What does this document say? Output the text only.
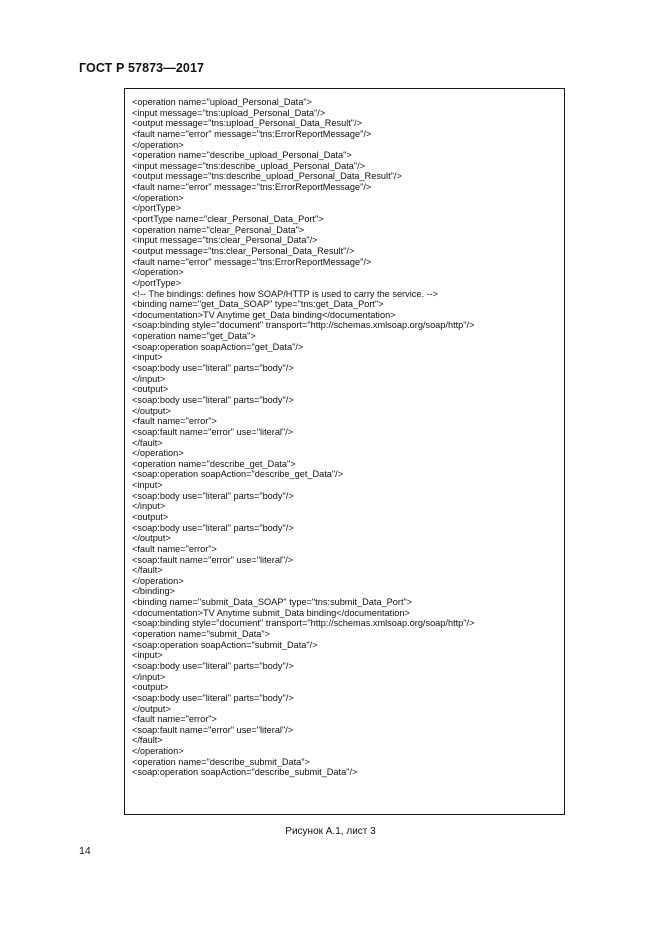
ГОСТ Р 57873—2017
<operation name="upload_Personal_Data">
<input message="tns:upload_Personal_Data"/>
<output message="tns:upload_Personal_Data_Result"/>
<fault name="error" message="tns:ErrorReportMessage"/>
</operation>
<operation name="describe_upload_Personal_Data">
<input message="tns:describe_upload_Personal_Data"/>
<output message="tns:describe_upload_Personal_Data_Result"/>
<fault name="error" message="tns:ErrorReportMessage"/>
</operation>
</portType>
<portType name="clear_Personal_Data_Port">
<operation name="clear_Personal_Data">
<input message="tns:clear_Personal_Data"/>
<output message="tns:clear_Personal_Data_Result"/>
<fault name="error" message="tns:ErrorReportMessage"/>
</operation>
</portType>
<!-- The bindings: defines how SOAP/HTTP is used to carry the service. -->
<binding name="get_Data_SOAP" type="tns:get_Data_Port">
<documentation>TV Anytime get_Data binding</documentation>
<soap:binding style="document" transport="http://schemas.xmlsoap.org/soap/http"/>
<operation name="get_Data">
<soap:operation soapAction="get_Data"/>
<input>
<soap:body use="literal" parts="body"/>
</input>
<output>
<soap:body use="literal" parts="body"/>
</output>
<fault name="error">
<soap:fault name="error" use="literal"/>
</fault>
</operation>
<operation name="describe_get_Data">
<soap:operation soapAction="describe_get_Data"/>
<input>
<soap:body use="literal" parts="body"/>
</input>
<output>
<soap:body use="literal" parts="body"/>
</output>
<fault name="error">
<soap:fault name="error" use="literal"/>
</fault>
</operation>
</binding>
<binding name="submit_Data_SOAP" type="tns:submit_Data_Port">
<documentation>TV Anytime submit_Data binding</documentation>
<soap:binding style="document" transport="http://schemas.xmlsoap.org/soap/http"/>
<operation name="submit_Data">
<soap:operation soapAction="submit_Data"/>
<input>
<soap:body use="literal" parts="body"/>
</input>
<output>
<soap:body use="literal" parts="body"/>
</output>
<fault name="error">
<soap:fault name="error" use="literal"/>
</fault>
</operation>
<operation name="describe_submit_Data">
<soap:operation soapAction="describe_submit_Data"/>
Рисунок А.1, лист 3
14
